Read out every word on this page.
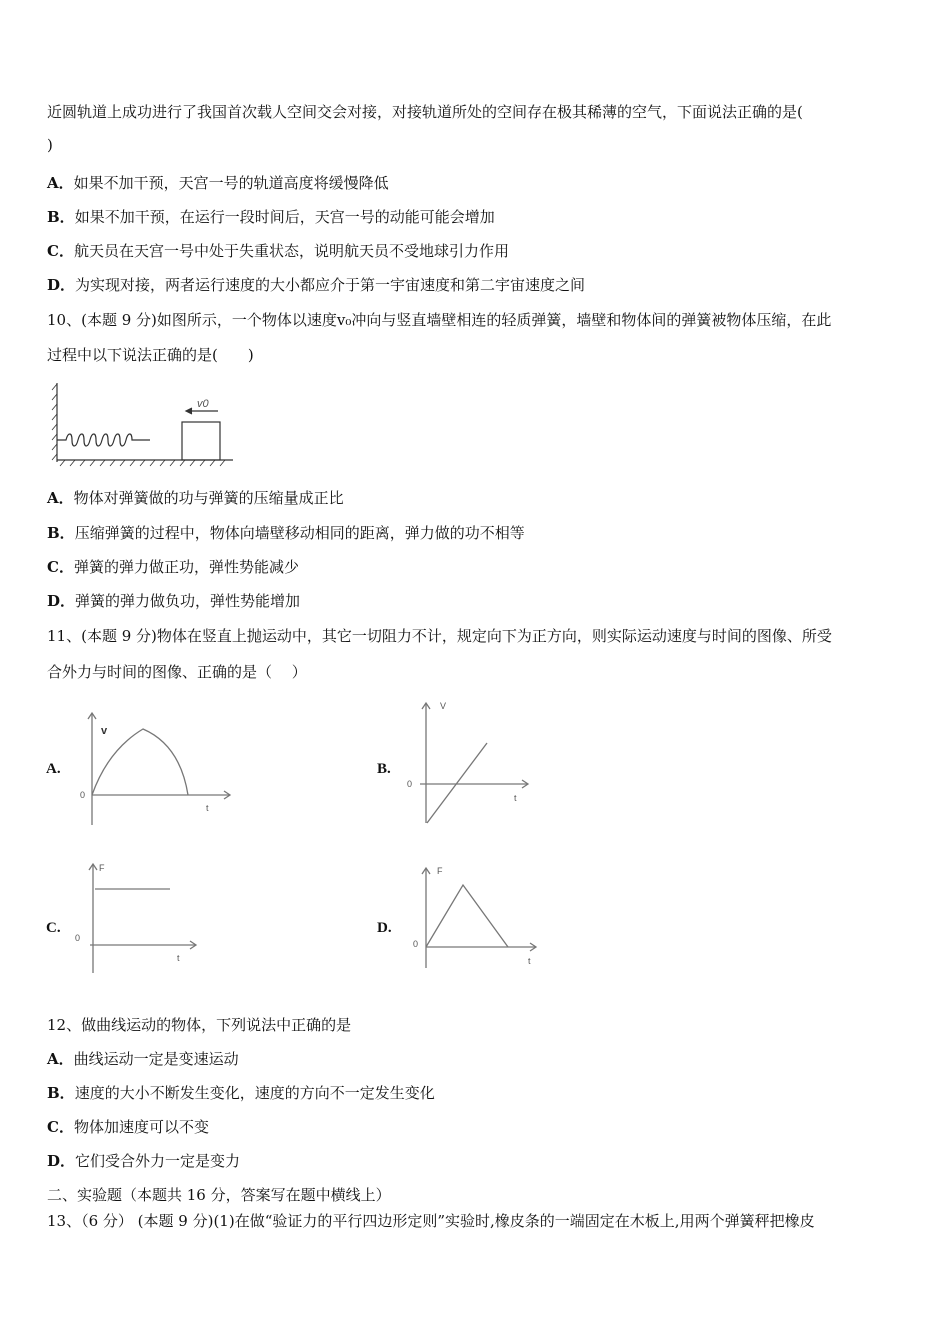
近圆轨道上成功进行了我国首次载人空间交会对接，对接轨道所处的空间存在极其稀薄的空气，下面说法正确的是(
)
A．如果不加干预，天宫一号的轨道高度将缓慢降低
B．如果不加干预，在运行一段时间后，天宫一号的动能可能会增加
C．航天员在天宫一号中处于失重状态，说明航天员不受地球引力作用
D．为实现对接，两者运行速度的大小都应介于第一宇宙速度和第二宇宙速度之间
10、(本题 9 分)如图所示，一个物体以速度v₀冲向与竖直墙壁相连的轻质弹簧，墙壁和物体间的弹簧被物体压缩，在此
过程中以下说法正确的是(　　)
v0
0
v
t
0
V
t
0
F
t
0
F
t
A．物体对弹簧做的功与弹簧的压缩量成正比
B．压缩弹簧的过程中，物体向墙壁移动相同的距离，弹力做的功不相等
C．弹簧的弹力做正功，弹性势能减少
D．弹簧的弹力做负功，弹性势能增加
11、(本题 9 分)物体在竖直上抛运动中，其它一切阻力不计，规定向下为正方向，则实际运动速度与时间的图像、所受
合外力与时间的图像、正确的是（　 ）
A.	B.
C.	D.
12、做曲线运动的物体，下列说法中正确的是
A．曲线运动一定是变速运动
B．速度的大小不断发生变化，速度的方向不一定发生变化
C．物体加速度可以不变
D．它们受合外力一定是变力
二、实验题（本题共 16 分，答案写在题中横线上）
13、（6 分） (本题 9 分)(1)在做“验证力的平行四边形定则”实验时,橡皮条的一端固定在木板上,用两个弹簧秤把橡皮
